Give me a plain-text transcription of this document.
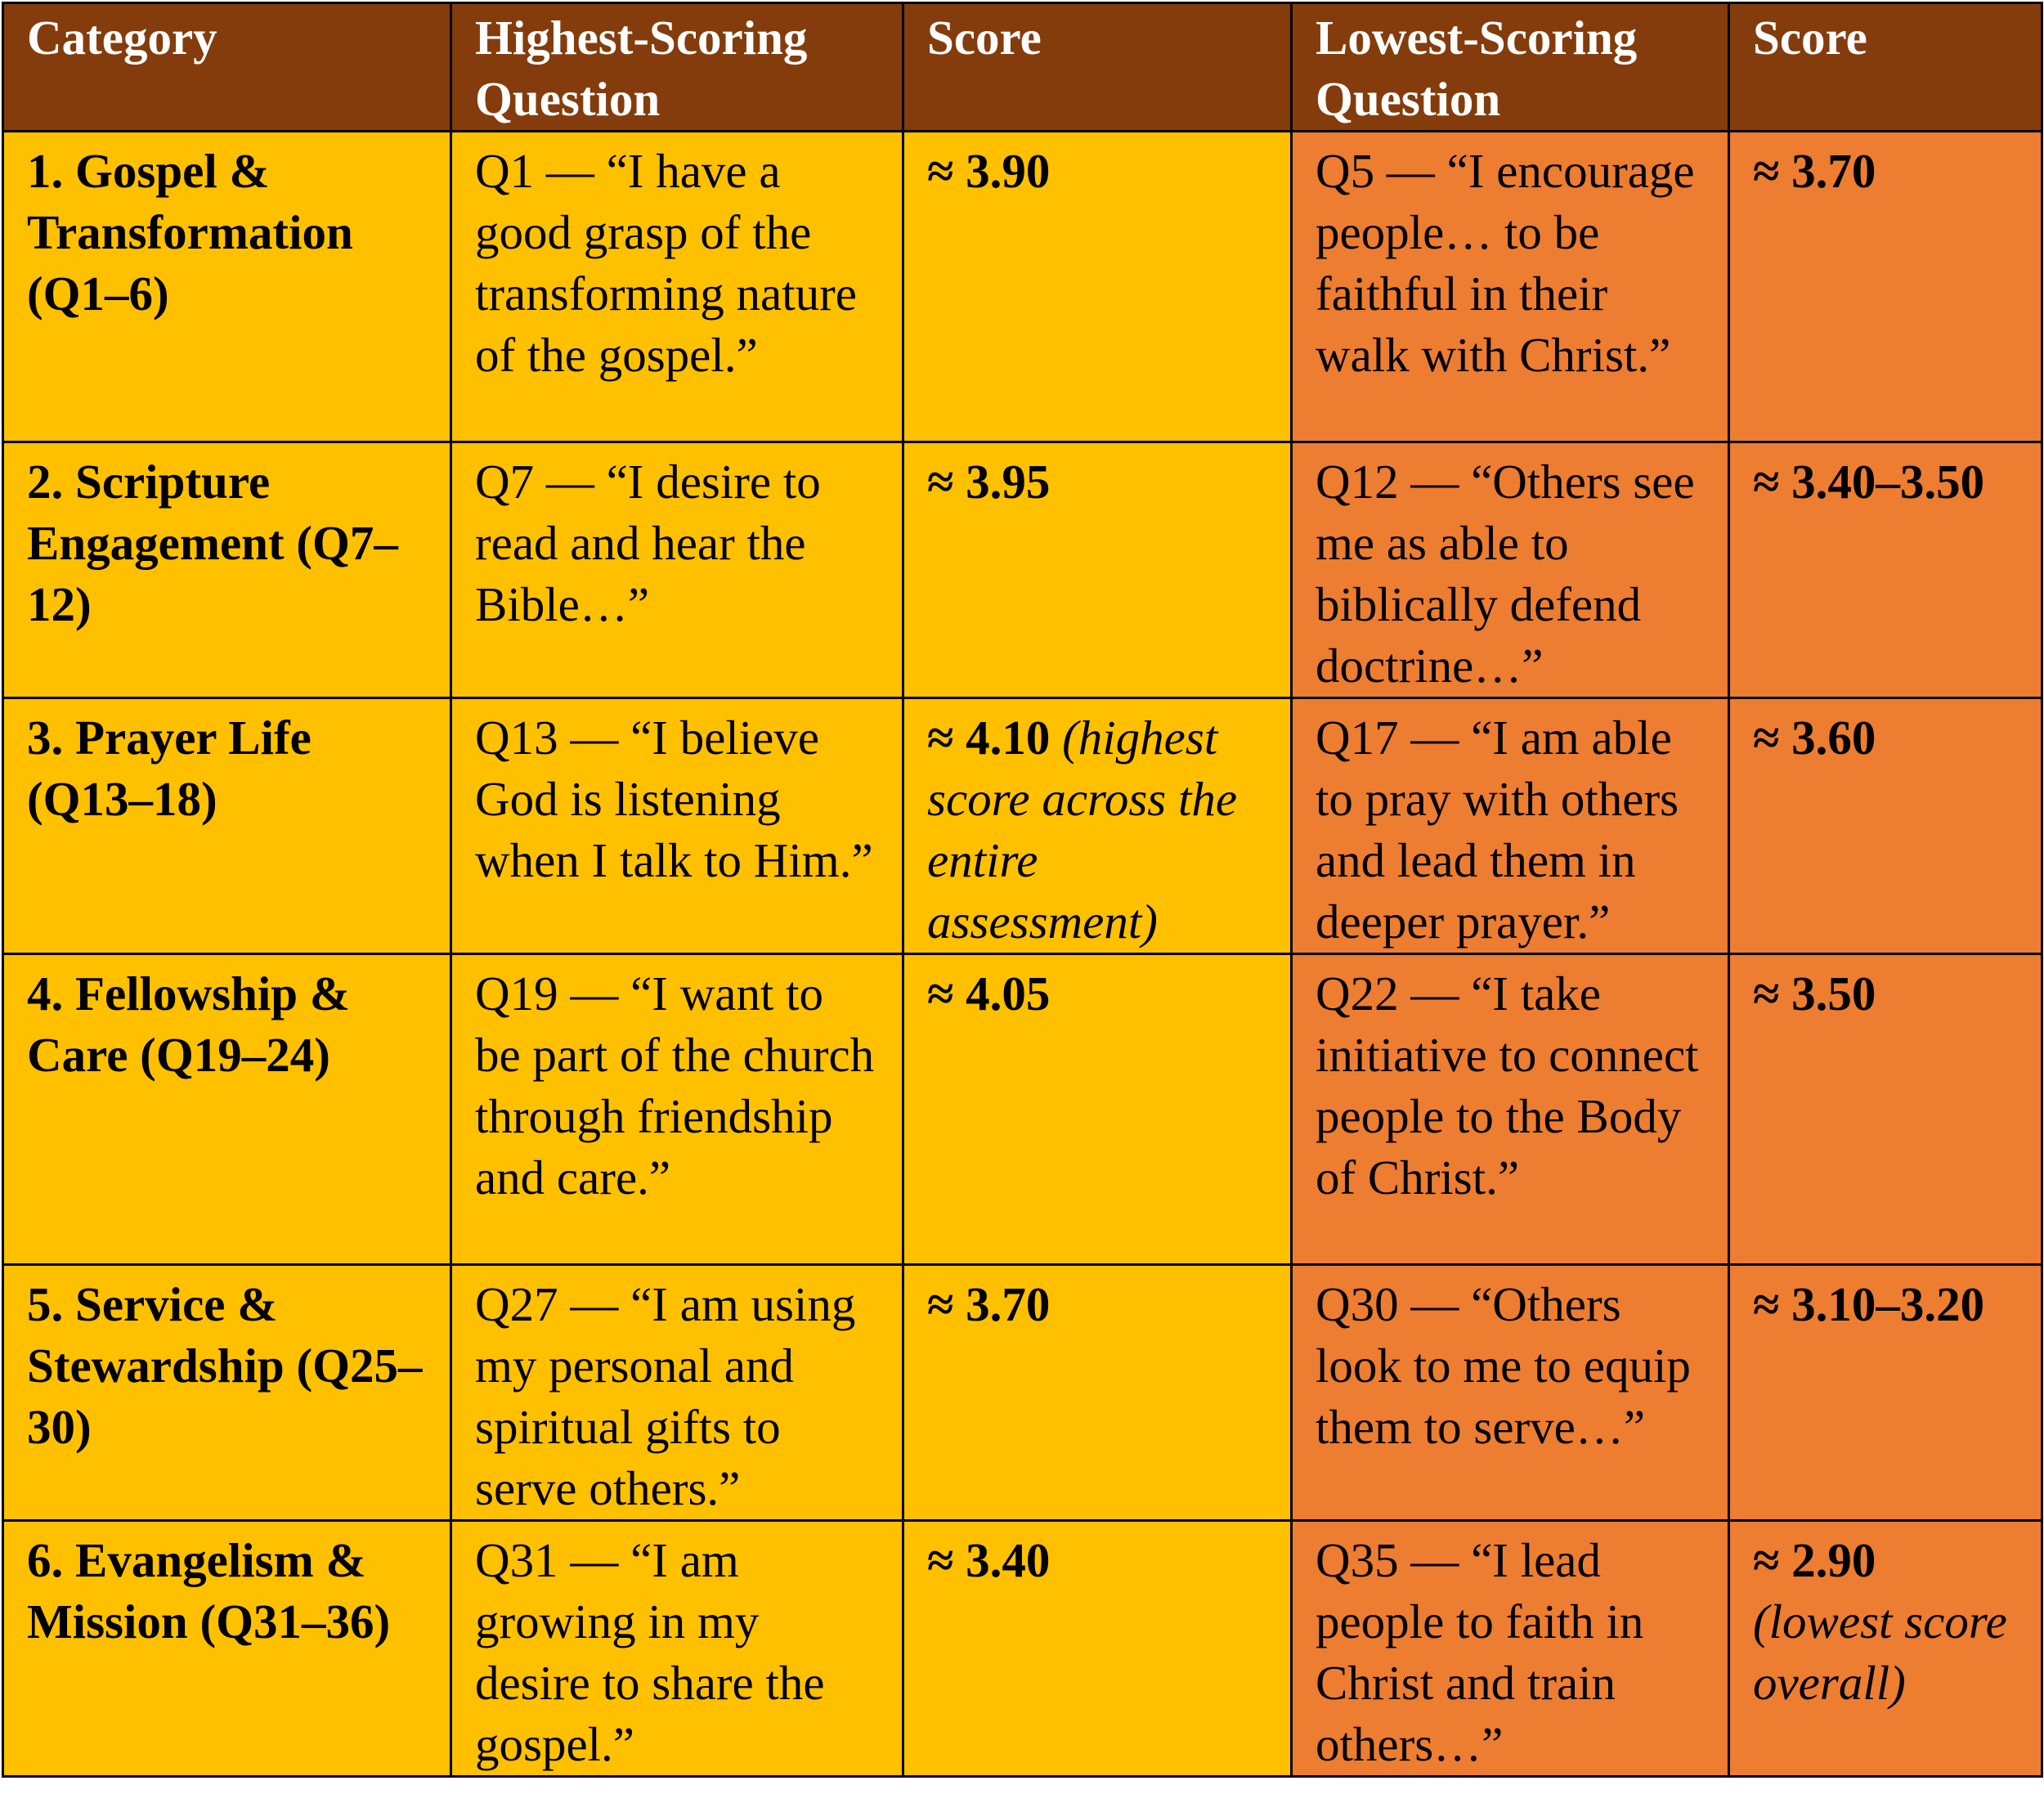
Category	Highest-Scoring Question	Score	Lowest-Scoring Question	Score
1. Gospel & Transformation (Q1–6)	Q1 — “I have a good grasp of the transforming nature of the gospel.”	≈ 3.90	Q5 — “I encourage people… to be faithful in their walk with Christ.”	≈ 3.70
2. Scripture Engagement (Q7–12)	Q7 — “I desire to read and hear the Bible…”	≈ 3.95	Q12 — “Others see me as able to biblically defend doctrine…”	≈ 3.40–3.50
3. Prayer Life (Q13–18)	Q13 — “I believe God is listening when I talk to Him.”	≈ 4.10 (highest score across the entire assessment)	Q17 — “I am able to pray with others and lead them in deeper prayer.”	≈ 3.60
4. Fellowship & Care (Q19–24)	Q19 — “I want to be part of the church through friendship and care.”	≈ 4.05	Q22 — “I take initiative to connect people to the Body of Christ.”	≈ 3.50
5. Service & Stewardship (Q25–30)	Q27 — “I am using my personal and spiritual gifts to serve others.”	≈ 3.70	Q30 — “Others look to me to equip them to serve…”	≈ 3.10–3.20
6. Evangelism & Mission (Q31–36)	Q31 — “I am growing in my desire to share the gospel.”	≈ 3.40	Q35 — “I lead people to faith in Christ and train others…”	≈ 2.90 (lowest score overall)
